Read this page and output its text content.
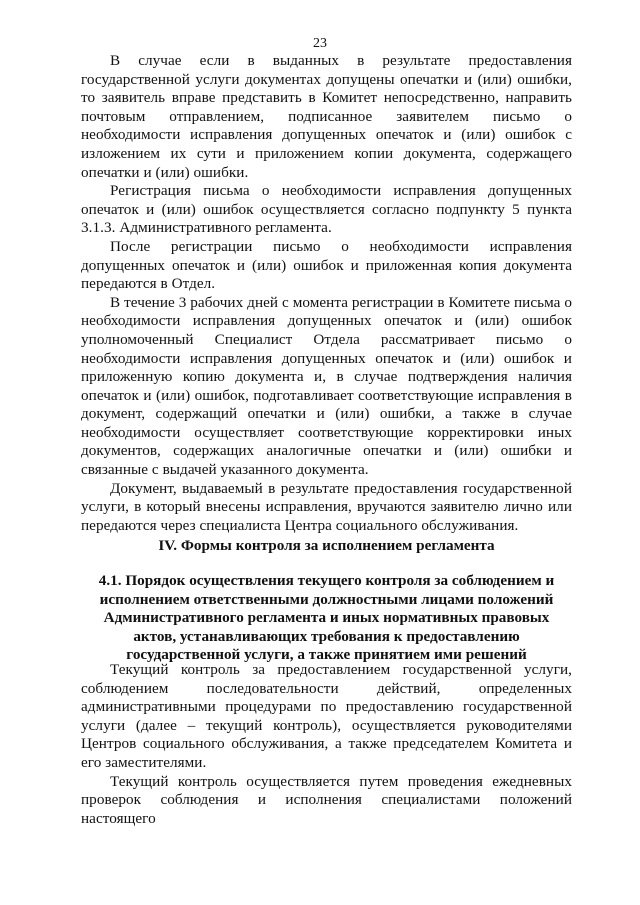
23

В случае если в выданных в результате предоставления государственной услуги документах допущены опечатки и (или) ошибки, то заявитель вправе представить в Комитет непосредственно, направить почтовым отправлением, подписанное заявителем письмо о необходимости исправления допущенных опечаток и (или) ошибок с изложением их сути и приложением копии документа, содержащего опечатки и (или) ошибки.

Регистрация письма о необходимости исправления допущенных опечаток и (или) ошибок осуществляется согласно подпункту 5 пункта 3.1.3. Административного регламента.

После регистрации письмо о необходимости исправления допущенных опечаток и (или) ошибок и приложенная копия документа передаются в Отдел.

В течение 3 рабочих дней с момента регистрации в Комитете письма о необходимости исправления допущенных опечаток и (или) ошибок уполномоченный Специалист Отдела рассматривает письмо о необходимости исправления допущенных опечаток и (или) ошибок и приложенную копию документа и, в случае подтверждения наличия опечаток и (или) ошибок, подготавливает соответствующие исправления в документ, содержащий опечатки и (или) ошибки, а также в случае необходимости осуществляет соответствующие корректировки иных документов, содержащих аналогичные опечатки и (или) ошибки и связанные с выдачей указанного документа.

Документ, выдаваемый в результате предоставления государственной услуги, в который внесены исправления, вручаются заявителю лично или передаются через специалиста Центра социального обслуживания.

IV. Формы контроля за исполнением регламента
4.1. Порядок осуществления текущего контроля за соблюдением и исполнением ответственными должностными лицами положений Административного регламента и иных нормативных правовых актов, устанавливающих требования к предоставлению государственной услуги, а также принятием ими решений

Текущий контроль за предоставлением государственной услуги, соблюдением последовательности действий, определенных административными процедурами по предоставлению государственной услуги (далее – текущий контроль), осуществляется руководителями Центров социального обслуживания, а также председателем Комитета и его заместителями.

Текущий контроль осуществляется путем проведения ежедневных проверок соблюдения и исполнения специалистами положений настоящего
